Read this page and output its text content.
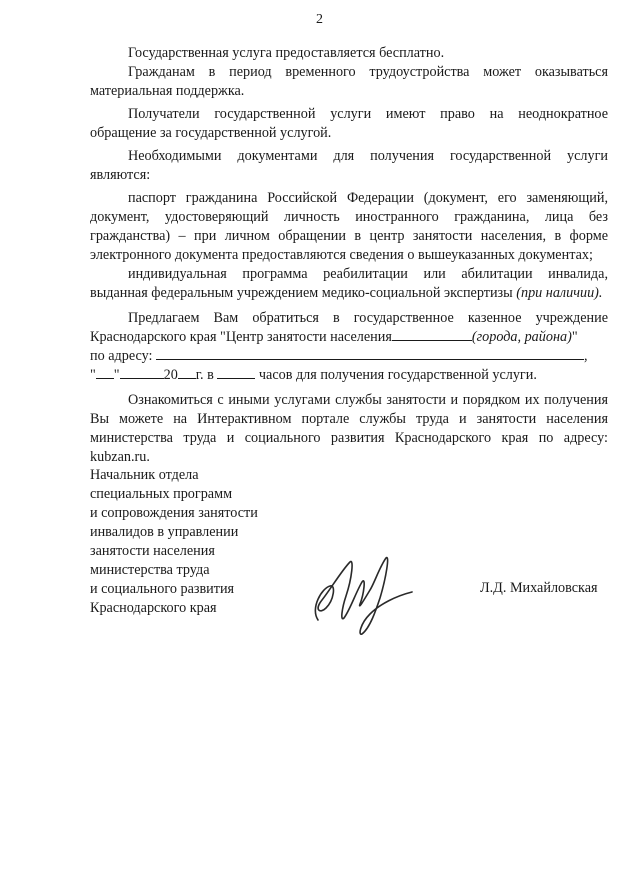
2

Государственная услуга предоставляется бесплатно.

Гражданам в период временного трудоустройства может оказываться материальная поддержка.

Получатели государственной услуги имеют право на неоднократное обращение за государственной услугой.

Необходимыми документами для получения государственной услуги являются:

паспорт гражданина Российской Федерации (документ, его заменяющий, документ, удостоверяющий личность иностранного гражданина, лица без гражданства) – при личном обращении в центр занятости населения, в форме электронного документа предоставляются сведения о вышеуказанных документах;

индивидуальная программа реабилитации или абилитации инвалида, выданная федеральным учреждением медико-социальной экспертизы (при наличии).

Предлагаем Вам обратиться в государственное казенное учреждение Краснодарского края "Центр занятости населения	(города, района)"

по адресу:	,

" "	20 г. в	часов для получения государственной услуги.

Ознакомиться с иными услугами службы занятости и порядком их получения Вы можете на Интерактивном портале службы труда и занятости населения министерства труда и социального развития Краснодарского края по адресу: kubzan.ru.

Начальник отдела
специальных программ
и сопровождения занятости
инвалидов в управлении
занятости населения
министерства труда
и социального развития
Краснодарского края
Л.Д. Михайловская
